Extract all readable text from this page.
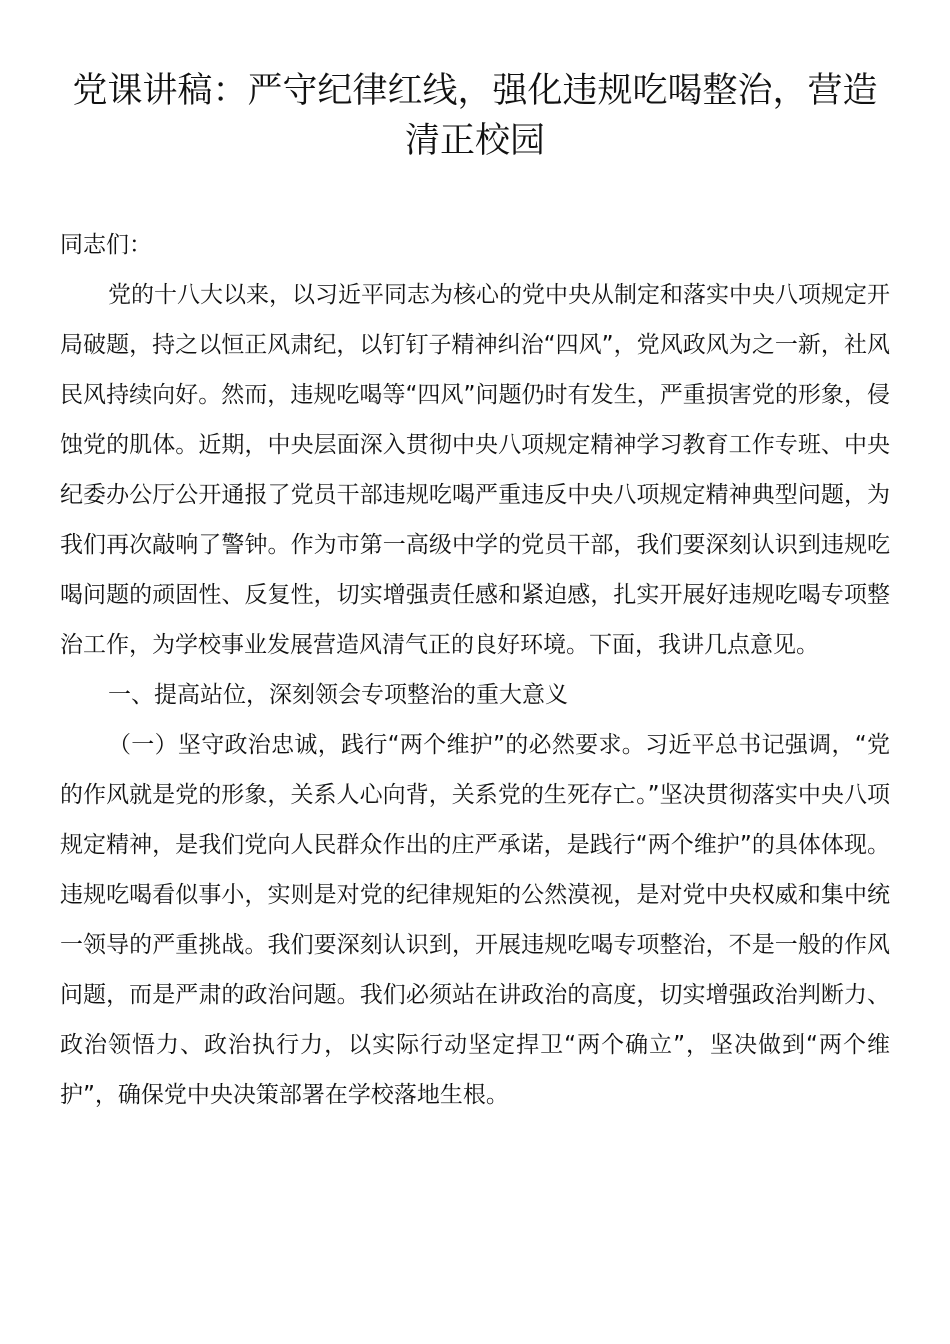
党课讲稿：严守纪律红线，强化违规吃喝整治，营造清正校园

同志们：

党的十八大以来，以习近平同志为核心的党中央从制定和落实中央八项规定开局破题，持之以恒正风肃纪，以钉钉子精神纠治“四风”，党风政风为之一新，社风民风持续向好。然而，违规吃喝等“四风”问题仍时有发生，严重损害党的形象，侵蚀党的肌体。近期，中央层面深入贯彻中央八项规定精神学习教育工作专班、中央纪委办公厅公开通报了党员干部违规吃喝严重违反中央八项规定精神典型问题，为我们再次敲响了警钟。作为市第一高级中学的党员干部，我们要深刻认识到违规吃喝问题的顽固性、反复性，切实增强责任感和紧迫感，扎实开展好违规吃喝专项整治工作，为学校事业发展营造风清气正的良好环境。下面，我讲几点意见。

一、提高站位，深刻领会专项整治的重大意义

（一）坚守政治忠诚，践行“两个维护”的必然要求。习近平总书记强调，“党的作风就是党的形象，关系人心向背，关系党的生死存亡。”坚决贯彻落实中央八项规定精神，是我们党向人民群众作出的庄严承诺，是践行“两个维护”的具体体现。违规吃喝看似事小，实则是对党的纪律规矩的公然漠视，是对党中央权威和集中统一领导的严重挑战。我们要深刻认识到，开展违规吃喝专项整治，不是一般的作风问题，而是严肃的政治问题。我们必须站在讲政治的高度，切实增强政治判断力、政治领悟力、政治执行力，以实际行动坚定捍卫“两个确立”，坚决做到“两个维护”，确保党中央决策部署在学校落地生根。
